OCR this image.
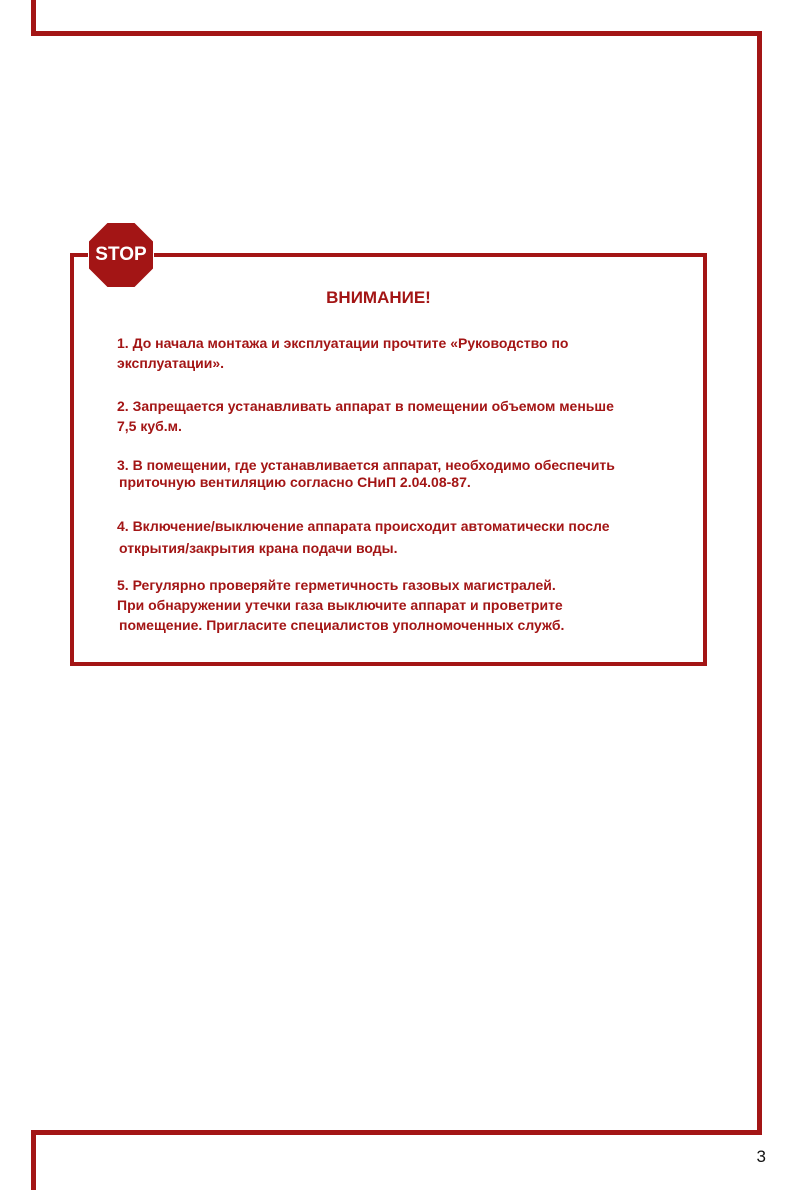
STOP
ВНИМАНИЕ!

1. До начала монтажа и эксплуатации прочтите «Руководство по
эксплуатации».

2. Запрещается устанавливать аппарат в помещении объемом меньше
7,5 куб.м.

3. В помещении, где устанавливается аппарат, необходимо обеспечить
приточную вентиляцию согласно СНиП 2.04.08-87.

4. Включение/выключение аппарата происходит автоматически после
открытия/закрытия крана подачи воды.

5. Регулярно проверяйте герметичность газовых магистралей.
При обнаружении утечки газа выключите аппарат и проветрите
помещение. Пригласите специалистов уполномоченных служб.

3
